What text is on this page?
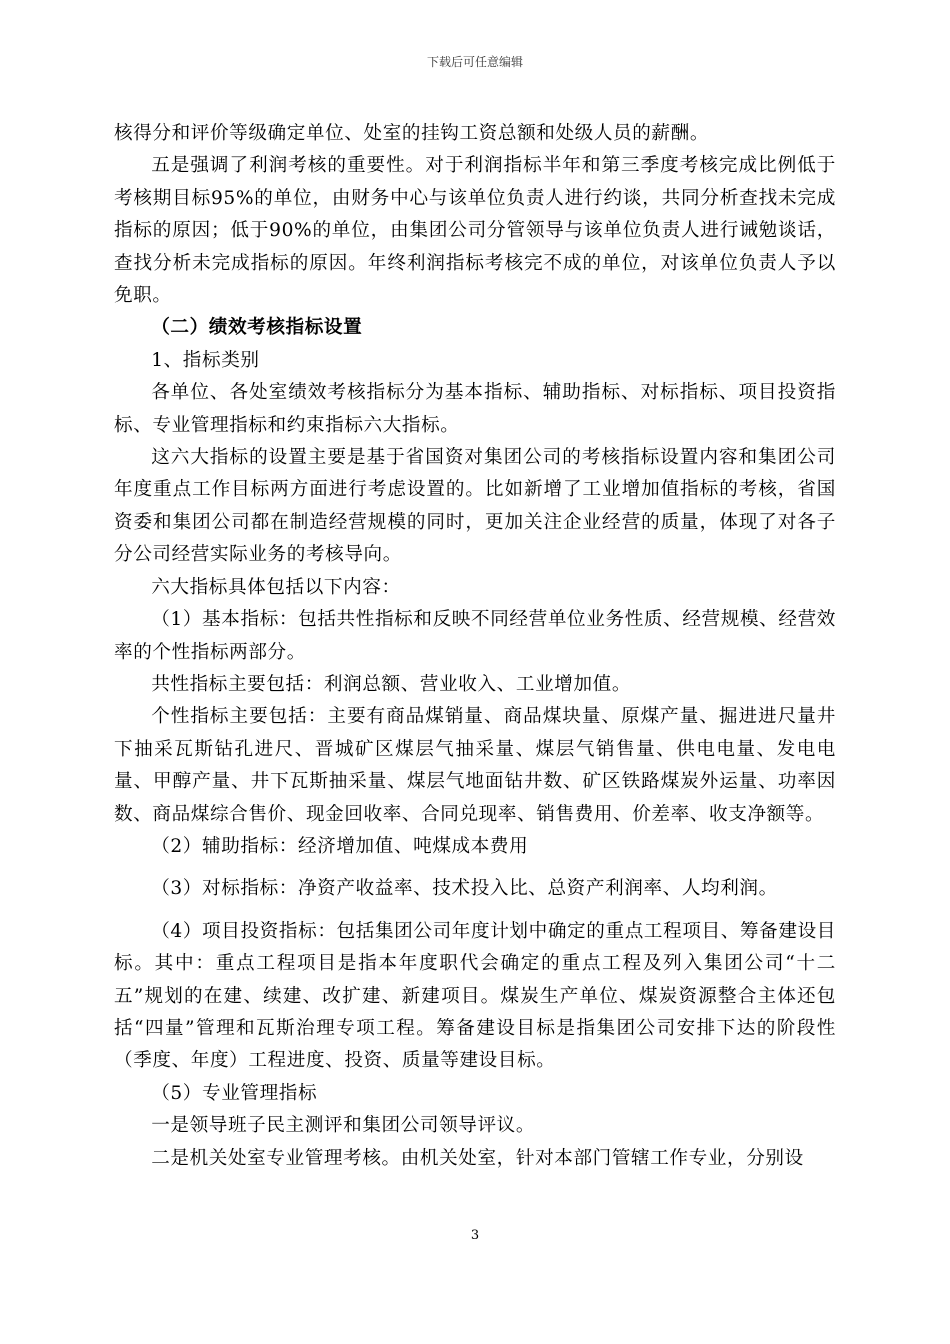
下载后可任意编辑

核得分和评价等级确定单位、处室的挂钩工资总额和处级人员的薪酬。

五是强调了利润考核的重要性。对于利润指标半年和第三季度考核完成比例低于考核期目标95%的单位，由财务中心与该单位负责人进行约谈，共同分析查找未完成指标的原因；低于90%的单位，由集团公司分管领导与该单位负责人进行诫勉谈话，查找分析未完成指标的原因。年终利润指标考核完不成的单位，对该单位负责人予以免职。

（二）绩效考核指标设置

1、指标类别

各单位、各处室绩效考核指标分为基本指标、辅助指标、对标指标、项目投资指标、专业管理指标和约束指标六大指标。

这六大指标的设置主要是基于省国资对集团公司的考核指标设置内容和集团公司年度重点工作目标两方面进行考虑设置的。比如新增了工业增加值指标的考核，省国资委和集团公司都在制造经营规模的同时，更加关注企业经营的质量，体现了对各子分公司经营实际业务的考核导向。

六大指标具体包括以下内容：

（1）基本指标：包括共性指标和反映不同经营单位业务性质、经营规模、经营效率的个性指标两部分。

共性指标主要包括：利润总额、营业收入、工业增加值。

个性指标主要包括：主要有商品煤销量、商品煤块量、原煤产量、掘进进尺量井下抽采瓦斯钻孔进尺、晋城矿区煤层气抽采量、煤层气销售量、供电电量、发电电量、甲醇产量、井下瓦斯抽采量、煤层气地面钻井数、矿区铁路煤炭外运量、功率因数、商品煤综合售价、现金回收率、合同兑现率、销售费用、价差率、收支净额等。

（2）辅助指标：经济增加值、吨煤成本费用

（3）对标指标：净资产收益率、技术投入比、总资产利润率、人均利润。

（4）项目投资指标：包括集团公司年度计划中确定的重点工程项目、筹备建设目标。其中：重点工程项目是指本年度职代会确定的重点工程及列入集团公司“十二五”规划的在建、续建、改扩建、新建项目。煤炭生产单位、煤炭资源整合主体还包括“四量”管理和瓦斯治理专项工程。筹备建设目标是指集团公司安排下达的阶段性（季度、年度）工程进度、投资、质量等建设目标。

（5）专业管理指标

一是领导班子民主测评和集团公司领导评议。

二是机关处室专业管理考核。由机关处室，针对本部门管辖工作专业，分别设

3
